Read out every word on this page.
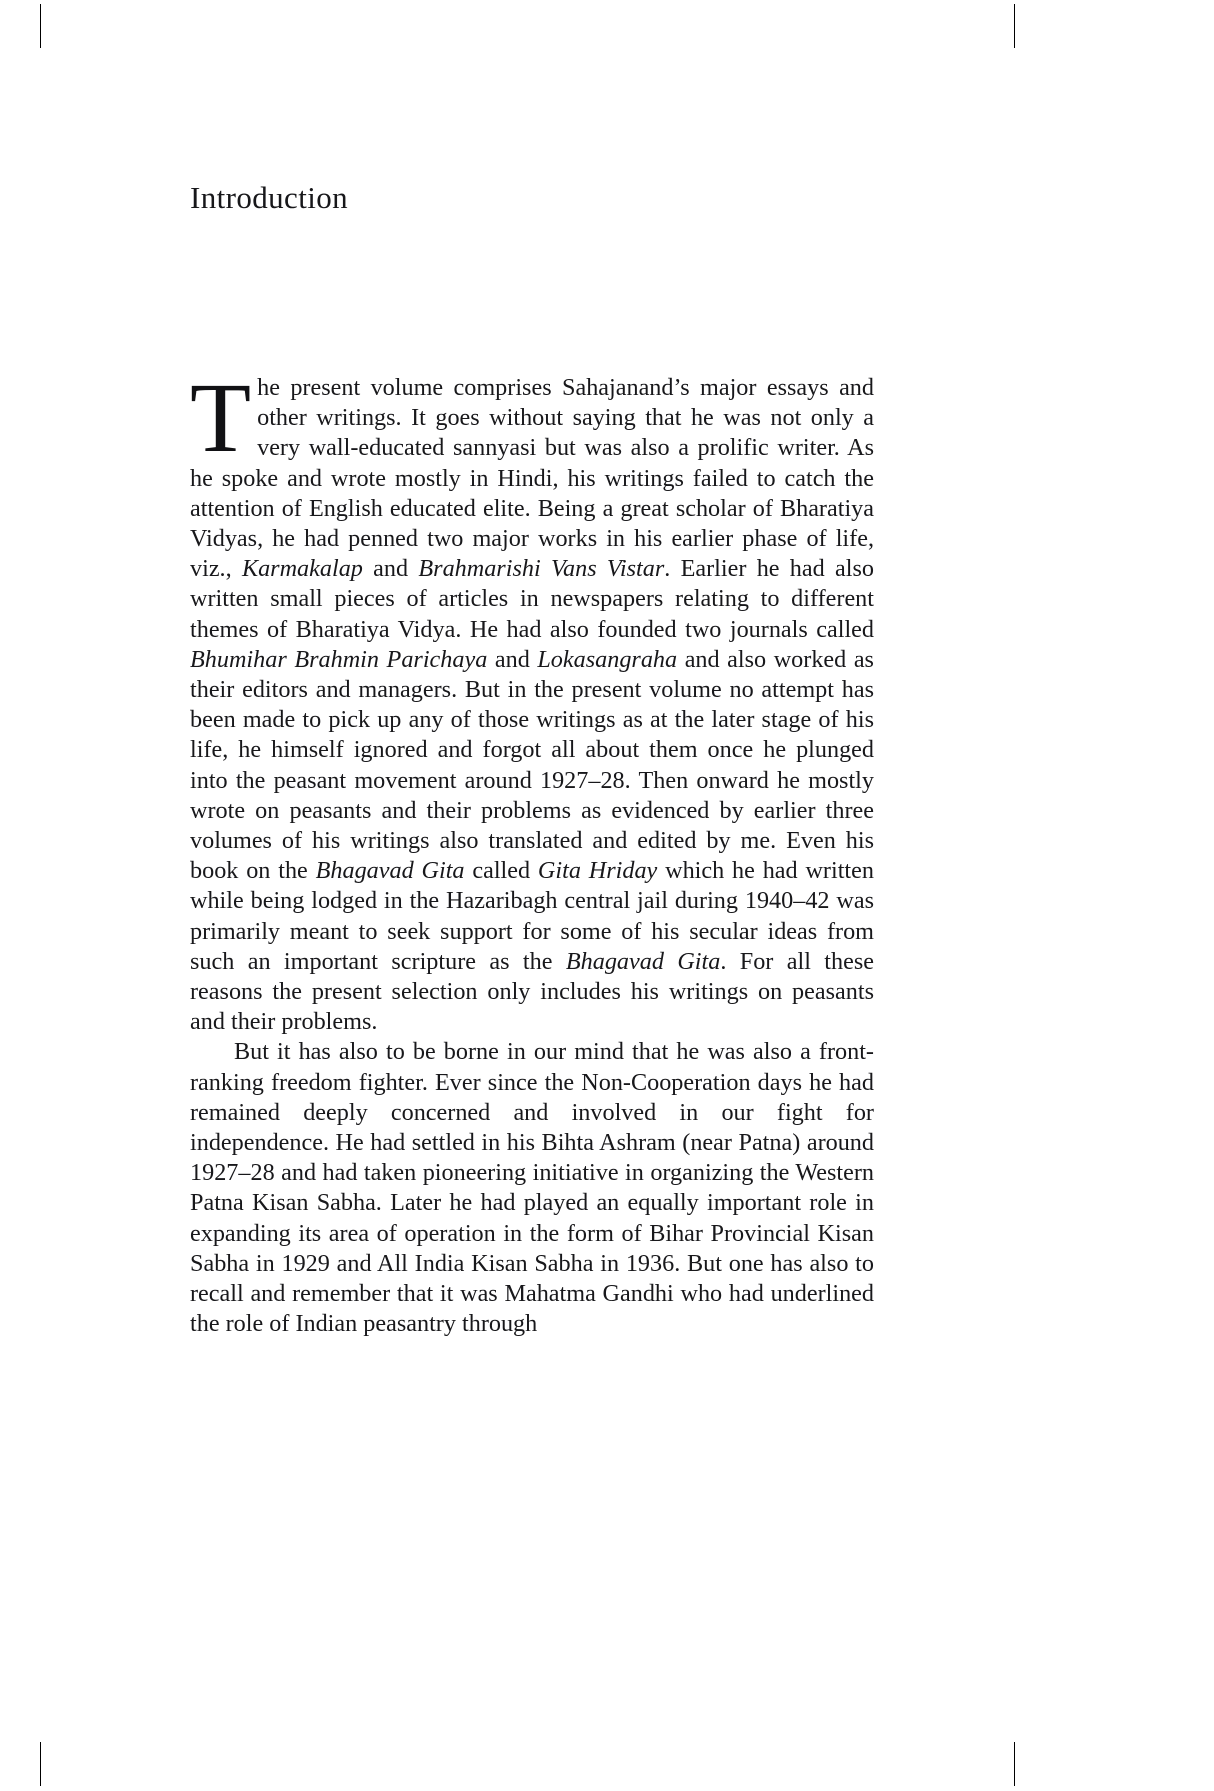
Introduction

The present volume comprises Sahajanand’s major essays and other writings. It goes without saying that he was not only a very wall-educated sannyasi but was also a prolific writer. As he spoke and wrote mostly in Hindi, his writings failed to catch the attention of English educated elite. Being a great scholar of Bharatiya Vidyas, he had penned two major works in his earlier phase of life, viz., Karmakalap and Brahmarishi Vans Vistar. Earlier he had also written small pieces of articles in newspapers relating to different themes of Bharatiya Vidya. He had also founded two journals called Bhumihar Brahmin Parichaya and Lokasangraha and also worked as their editors and managers. But in the present volume no attempt has been made to pick up any of those writings as at the later stage of his life, he himself ignored and forgot all about them once he plunged into the peasant movement around 1927–28. Then onward he mostly wrote on peasants and their problems as evidenced by earlier three volumes of his writings also translated and edited by me. Even his book on the Bhagavad Gita called Gita Hriday which he had written while being lodged in the Hazaribagh central jail during 1940–42 was primarily meant to seek support for some of his secular ideas from such an important scripture as the Bhagavad Gita. For all these reasons the present selection only includes his writings on peasants and their problems.

But it has also to be borne in our mind that he was also a front-ranking freedom fighter. Ever since the Non-Cooperation days he had remained deeply concerned and involved in our fight for independence. He had settled in his Bihta Ashram (near Patna) around 1927–28 and had taken pioneering initiative in organizing the Western Patna Kisan Sabha. Later he had played an equally important role in expanding its area of operation in the form of Bihar Provincial Kisan Sabha in 1929 and All India Kisan Sabha in 1936. But one has also to recall and remember that it was Mahatma Gandhi who had underlined the role of Indian peasantry through
